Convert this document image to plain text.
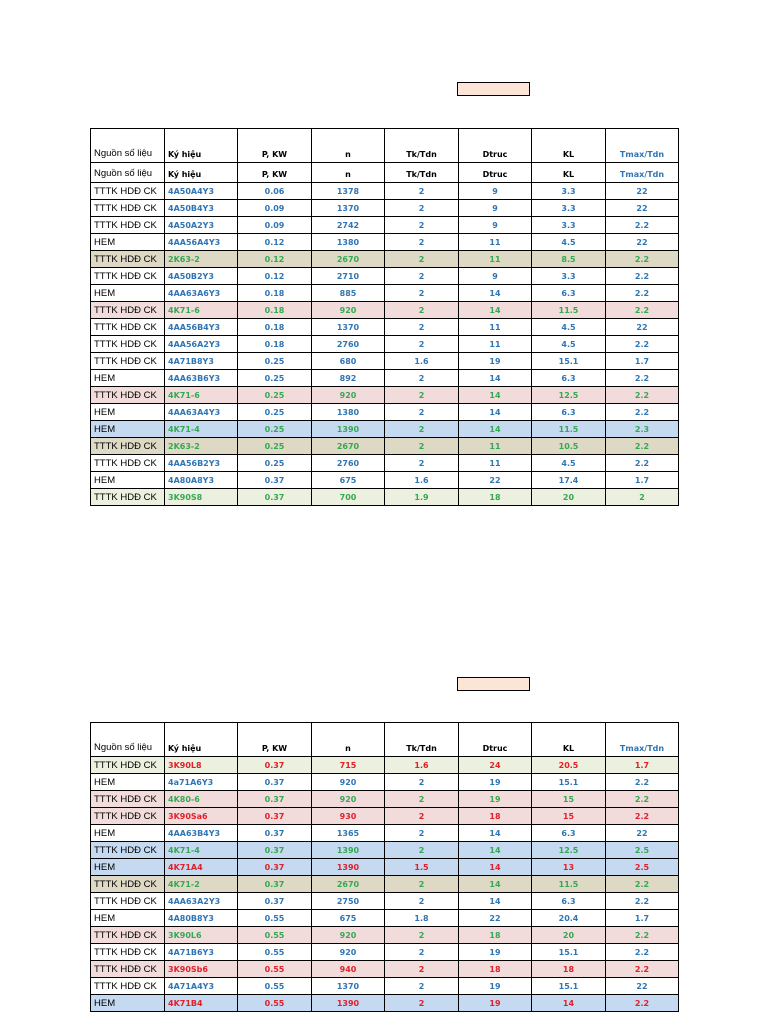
Nguồn số liệu	Ký hiệu	P, KW	n	Tk/Tdn	Dtruc	KL	Tmax/Tdn
Nguồn số liệu	Ký hiệu	P, KW	n	Tk/Tdn	Dtruc	KL	Tmax/Tdn
TTTK HDĐ CK	4A50A4Y3	0.06	1378	2	9	3.3	22
TTTK HDĐ CK	4A50B4Y3	0.09	1370	2	9	3.3	22
TTTK HDĐ CK	4A50A2Y3	0.09	2742	2	9	3.3	2.2
HEM	4AA56A4Y3	0.12	1380	2	11	4.5	22
TTTK HDĐ CK	2K63-2	0.12	2670	2	11	8.5	2.2
TTTK HDĐ CK	4A50B2Y3	0.12	2710	2	9	3.3	2.2
HEM	4AA63A6Y3	0.18	885	2	14	6.3	2.2
TTTK HDĐ CK	4K71-6	0.18	920	2	14	11.5	2.2
TTTK HDĐ CK	4AA56B4Y3	0.18	1370	2	11	4.5	22
TTTK HDĐ CK	4AA56A2Y3	0.18	2760	2	11	4.5	2.2
TTTK HDĐ CK	4A71B8Y3	0.25	680	1.6	19	15.1	1.7
HEM	4AA63B6Y3	0.25	892	2	14	6.3	2.2
TTTK HDĐ CK	4K71-6	0.25	920	2	14	12.5	2.2
HEM	4AA63A4Y3	0.25	1380	2	14	6.3	2.2
HEM	4K71-4	0.25	1390	2	14	11.5	2.3
TTTK HDĐ CK	2K63-2	0.25	2670	2	11	10.5	2.2
TTTK HDĐ CK	4AA56B2Y3	0.25	2760	2	11	4.5	2.2
HEM	4A80A8Y3	0.37	675	1.6	22	17.4	1.7
TTTK HDĐ CK	3K90S8	0.37	700	1.9	18	20	2
Nguồn số liệu	Ký hiệu	P, KW	n	Tk/Tdn	Dtruc	KL	Tmax/Tdn
TTTK HDĐ CK	3K90L8	0.37	715	1.6	24	20.5	1.7
HEM	4a71A6Y3	0.37	920	2	19	15.1	2.2
TTTK HDĐ CK	4K80-6	0.37	920	2	19	15	2.2
TTTK HDĐ CK	3K90Sa6	0.37	930	2	18	15	2.2
HEM	4AA63B4Y3	0.37	1365	2	14	6.3	22
TTTK HDĐ CK	4K71-4	0.37	1390	2	14	12.5	2.5
HEM	4K71A4	0.37	1390	1.5	14	13	2.5
TTTK HDĐ CK	4K71-2	0.37	2670	2	14	11.5	2.2
TTTK HDĐ CK	4AA63A2Y3	0.37	2750	2	14	6.3	2.2
HEM	4A80B8Y3	0.55	675	1.8	22	20.4	1.7
TTTK HDĐ CK	3K90L6	0.55	920	2	18	20	2.2
TTTK HDĐ CK	4A71B6Y3	0.55	920	2	19	15.1	2.2
TTTK HDĐ CK	3K90Sb6	0.55	940	2	18	18	2.2
TTTK HDĐ CK	4A71A4Y3	0.55	1370	2	19	15.1	22
HEM	4K71B4	0.55	1390	2	19	14	2.2
